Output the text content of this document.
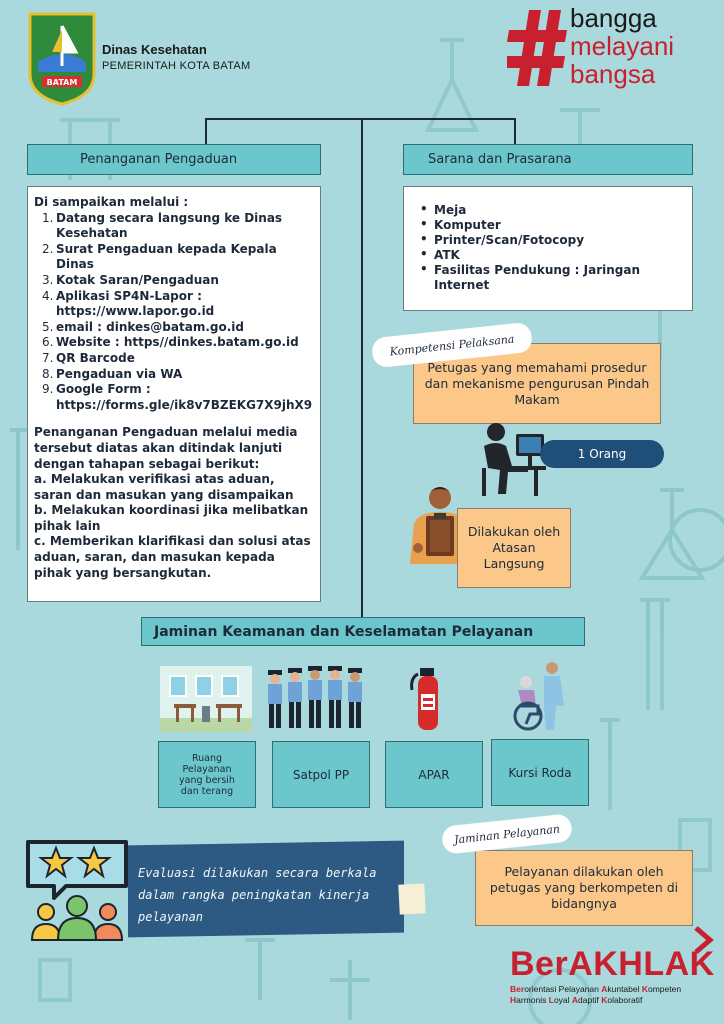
BATAM
Dinas Kesehatan
PEMERINTAH KOTA BATAM
bangga
melayani
bangsa
Penanganan Pengaduan
Di sampaikan melalui :
1. Datang secara langsung ke Dinas Kesehatan
2. Surat Pengaduan kepada Kepala Dinas
3. Kotak Saran/Pengaduan
4. Aplikasi SP4N-Lapor : https://www.lapor.go.id
5. email : dinkes@batam.go.id
6. Website : https//dinkes.batam.go.id
7. QR Barcode
8. Pengaduan via WA
9. Google Form : https://forms.gle/ik8v7BZEKG7X9jhX9

Penanganan Pengaduan melalui media tersebut diatas akan ditindak lanjuti dengan tahapan sebagai berikut:

a. Melakukan verifikasi atas aduan, saran dan masukan yang disampaikan

b. Melakukan koordinasi jika melibatkan pihak lain

c. Memberikan klarifikasi dan solusi atas aduan, saran, dan masukan kepada pihak yang bersangkutan.

Sarana dan Prasarana
• Meja
• Komputer
• Printer/Scan/Fotocopy
• ATK
• Fasilitas Pendukung : Jaringan Internet
Petugas yang memahami prosedur dan mekanisme pengurusan Pindah Makam
Kompetensi Pelaksana
1 Orang
Dilakukan oleh Atasan Langsung
Jaminan Keamanan dan Keselamatan Pelayanan
Ruang Pelayanan yang bersih dan terang
Satpol PP	APAR	Kursi Roda
Evaluasi dilakukan secara berkala dalam rangka peningkatan kinerja pelayanan
Pelayanan dilakukan oleh petugas yang berkompeten di bidangnya
Jaminan Pelayanan
BerAKHLAK
Berorientasi Pelayanan Akuntabel Kompeten
Harmonis Loyal Adaptif Kolaboratif
